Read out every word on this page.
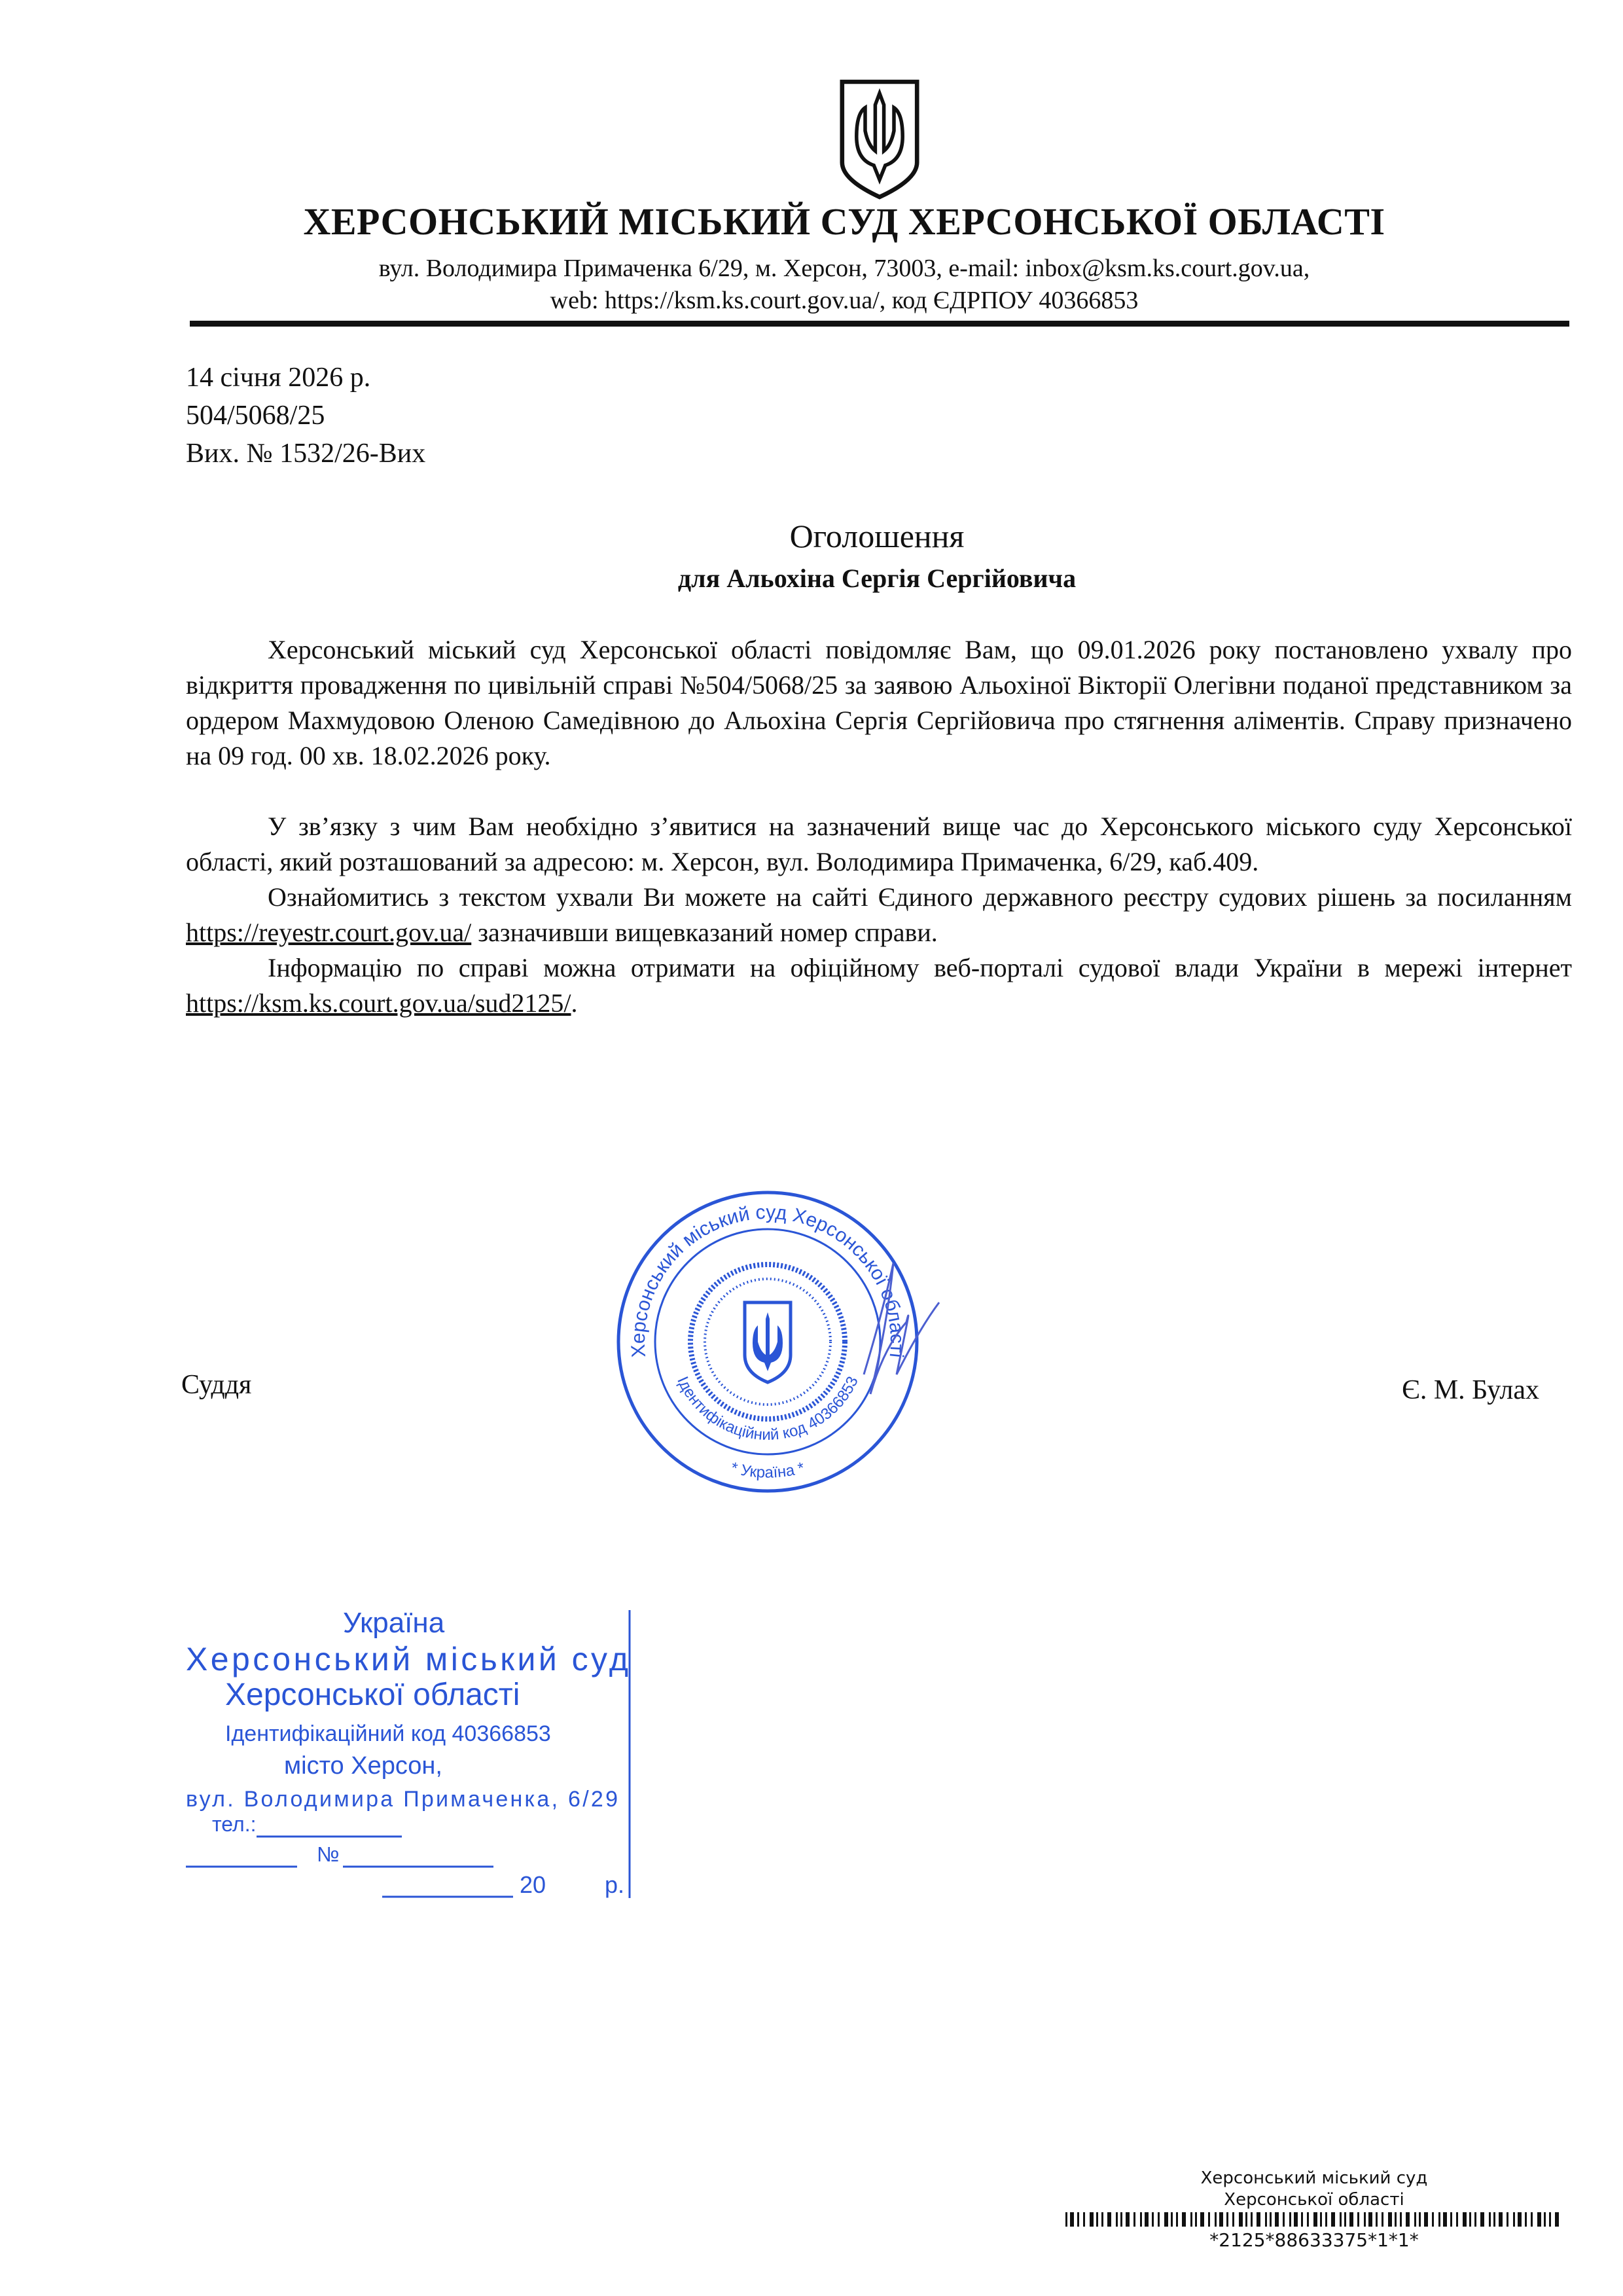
ХЕРСОНСЬКИЙ МІСЬКИЙ СУД ХЕРСОНСЬКОЇ ОБЛАСТІ
вул. Володимира Примаченка 6/29, м. Херсон, 73003, e-mail: inbox@ksm.ks.court.gov.ua,
web: https://ksm.ks.court.gov.ua/, код ЄДРПОУ 40366853
14 січня 2026 р.
504/5068/25
Вих. № 1532/26-Вих
Оголошення
для Альохіна Сергія Сергійовича

Херсонський міський суд Херсонської області повідомляє Вам, що 09.01.2026 року постановлено ухвалу про відкриття провадження по цивільній справі №504/5068/25 за заявою Альохіної Вікторії Олегівни поданої представником за ордером Махмудовою Оленою Самедівною до Альохіна Сергія Сергійовича про стягнення аліментів. Справу призначено на 09 год. 00 хв. 18.02.2026 року.

У зв’язку з чим Вам необхідно з’явитися на зазначений вище час до Херсонського міського суду Херсонської області, який розташований за адресою: м. Херсон, вул. Володимира Примаченка, 6/29, каб.409.

Ознайомитись з текстом ухвали Ви можете на сайті Єдиного державного реєстру судових рішень за посиланням https://reyestr.court.gov.ua/ зазначивши вищевказаний номер справи.

Інформацію по справі можна отримати на офіційному веб-порталі судової влади України в мережі інтернет https://ksm.ks.court.gov.ua/sud2125/.

Суддя
Херсонський міський суд Херсонської області
Ідентифікаційний код 40366853
* Україна *
Є. М. Булах
Україна
Херсонський міський суд
Херсонської області
Ідентифікаційний код 40366853
місто Херсон,
вул. Володимира Примаченка, 6/29
тел.:
№
20 р.
Херсонський міський суд
Херсонської області
*2125*88633375*1*1*
